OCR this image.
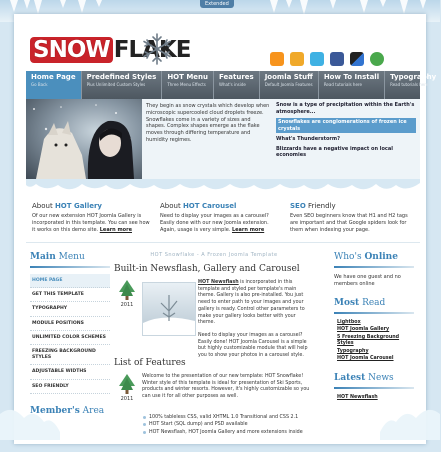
Extended
SNOW FLAKE
Home Page
Go Back
Predefined Styles
Plus Unlimited Custom Styles
HOT Menu
Three Menu Effects
Features
What's inside
Joomla Stuff
Default Joomla Features
How To Install
Read tutorials here
Typography
Read tutorials here
They begin as snow crystals which develop when microscopic supercooled cloud droplets freeze. Snowflakes come in a variety of sizes and shapes. Complex shapes emerge as the flake moves through differing temperature and humidity regimes.

Snow is a type of precipitation within the Earth's atmosphere...

Snowflakes are conglomerations of frozen ice crystals

What's Thunderstorm?

Blizzards have a negative impact on local economies

About HOT Gallery

Of our new extension HOT Joomla Gallery is incorporated in this template. You can see how it works on this demo site. Learn more

About HOT Carousel

Need to display your images as a carousel? Easily done with our new Joomla extension. Again, usage is very simple. Learn more

SEO Friendly

Even SEO beginners know that H1 and H2 tags are important and that Google spiders look for them when indexing your page.

Main Menu
HOME PAGE
GET THIS TEMPLATE
TYPOGRAPHY
MODULE POSITIONS
UNLIMITED COLOR SCHEMES
FREEZING BACKGROUND STYLES
ADJUSTABLE WIDTHS
SEO FRIENDLY
Member's Area
HOT Snowflake - A Frozen Joomla Template
Built-in Newsflash, Gallery and Carousel
2011

HOT Newsflash is incorporated in this template and styled per template's main theme. Gallery is also pre-installed. You just need to enter path to your images and your gallery is ready. Control other parameters to make your gallery looks better with your theme.

Need to display your images as a carousel? Easily done! HOT Joomla Carousel is a simple but highly customizable module that will help you to show your photos in a carousel style.

List of Features
2011

Welcome to the presentation of our new template: HOT Snowflake! Winter style of this template is ideal for presentation of Ski Sports, products and winter resorts. However, it's highly customizable so you can use it for all other purposes as well.

100% tableless CSS, valid XHTML 1.0 Transitional and CSS 2.1
HOT Start (SQL dump) and PSD available
HOT Newsflash, HOT Joomla Gallery and more extensions inside
Who's Online

We have one guest and no members online

Most Read
Lightbox
HOT Joomla Gallery
5 Freezing Background Styles
Typography
HOT Joomla Carousel
Latest News
HOT Newsflash
